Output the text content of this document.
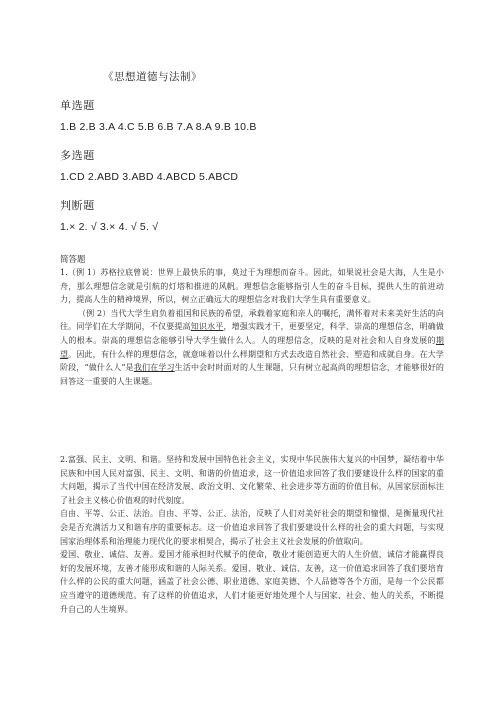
《思想道德与法制》
单选题
1.B 2.B 3.A 4.C 5.B 6.B 7.A 8.A 9.B 10.B
多选题
1.CD 2.ABD 3.ABD 4.ABCD 5.ABCD
判断题
1.× 2. √ 3.× 4. √ 5. √
简答题

1.（例 1）苏格拉底曾说：世界上最快乐的事，莫过于为理想而奋斗。因此，如果说社会是大海，人生是小舟，那么理想信念就是引航的灯塔和推进的风帆。理想信念能够指引人生的奋斗目标，提供人生的前进动力，提高人生的精神境界，所以，树立正确远大的理想信念对我们大学生具有重要意义。

（例 2）当代大学生肩负着祖国和民族的希望，承载着家庭和亲人的嘱托，满怀着对未来美好生活的向往。同学们在大学期间，不仅要提高知识水平，增强实践才干，更要坚定，科学、崇高的理想信念，明确做人的根本。崇高的理想信念能够引导大学生做什么人。人的理想信念，反映的是对社会和人自身发展的期望。因此，有什么样的理想信念，就意味着以什么样期望和方式去改造自然社会、塑造和成就自身。在大学阶段，“做什么人”是我们在学习生活中会时时面对的人生课题，只有树立起高尚的理想信念，才能够很好的回答这一重要的人生课题。

2.富强、民主、文明、和谐。坚持和发展中国特色社会主义，实现中华民族伟大复兴的中国梦，凝结着中华民族和中国人民对富强、民主、文明、和谐的价值追求，这一价值追求回答了我们要建设什么样的国家的重大问题，揭示了当代中国在经济发展、政治文明、文化繁荣、社会进步等方面的价值目标，从国家层面标注了社会主义核心价值观的时代刻度。

自由、平等、公正、法治。自由、平等、公正、法治，反映了人们对美好社会的期望和憧憬，是衡量现代社会是否充满活力又和谐有序的重要标志。这一价值追求回答了我们要建设什么样的社会的重大问题，与实现国家治理体系和治理能力现代化的要求相契合，揭示了社会主义社会发展的价值取向。

爱国、敬业、诚信、友善。爱国才能承担时代赋予的使命，敬业才能创造更大的人生价值，诚信才能赢得良好的发展环境，友善才能形成和谐的人际关系。爱国、敬业、诚信、友善，这一价值追求回答了我们要培育什么样的公民的重大问题，涵盖了社会公德、职业道德、家庭美德、个人品德等各个方面，是每一个公民都应当遵守的道德规范。有了这样的价值追求，人们才能更好地处理个人与国家、社会、他人的关系，不断提升自己的人生境界。
